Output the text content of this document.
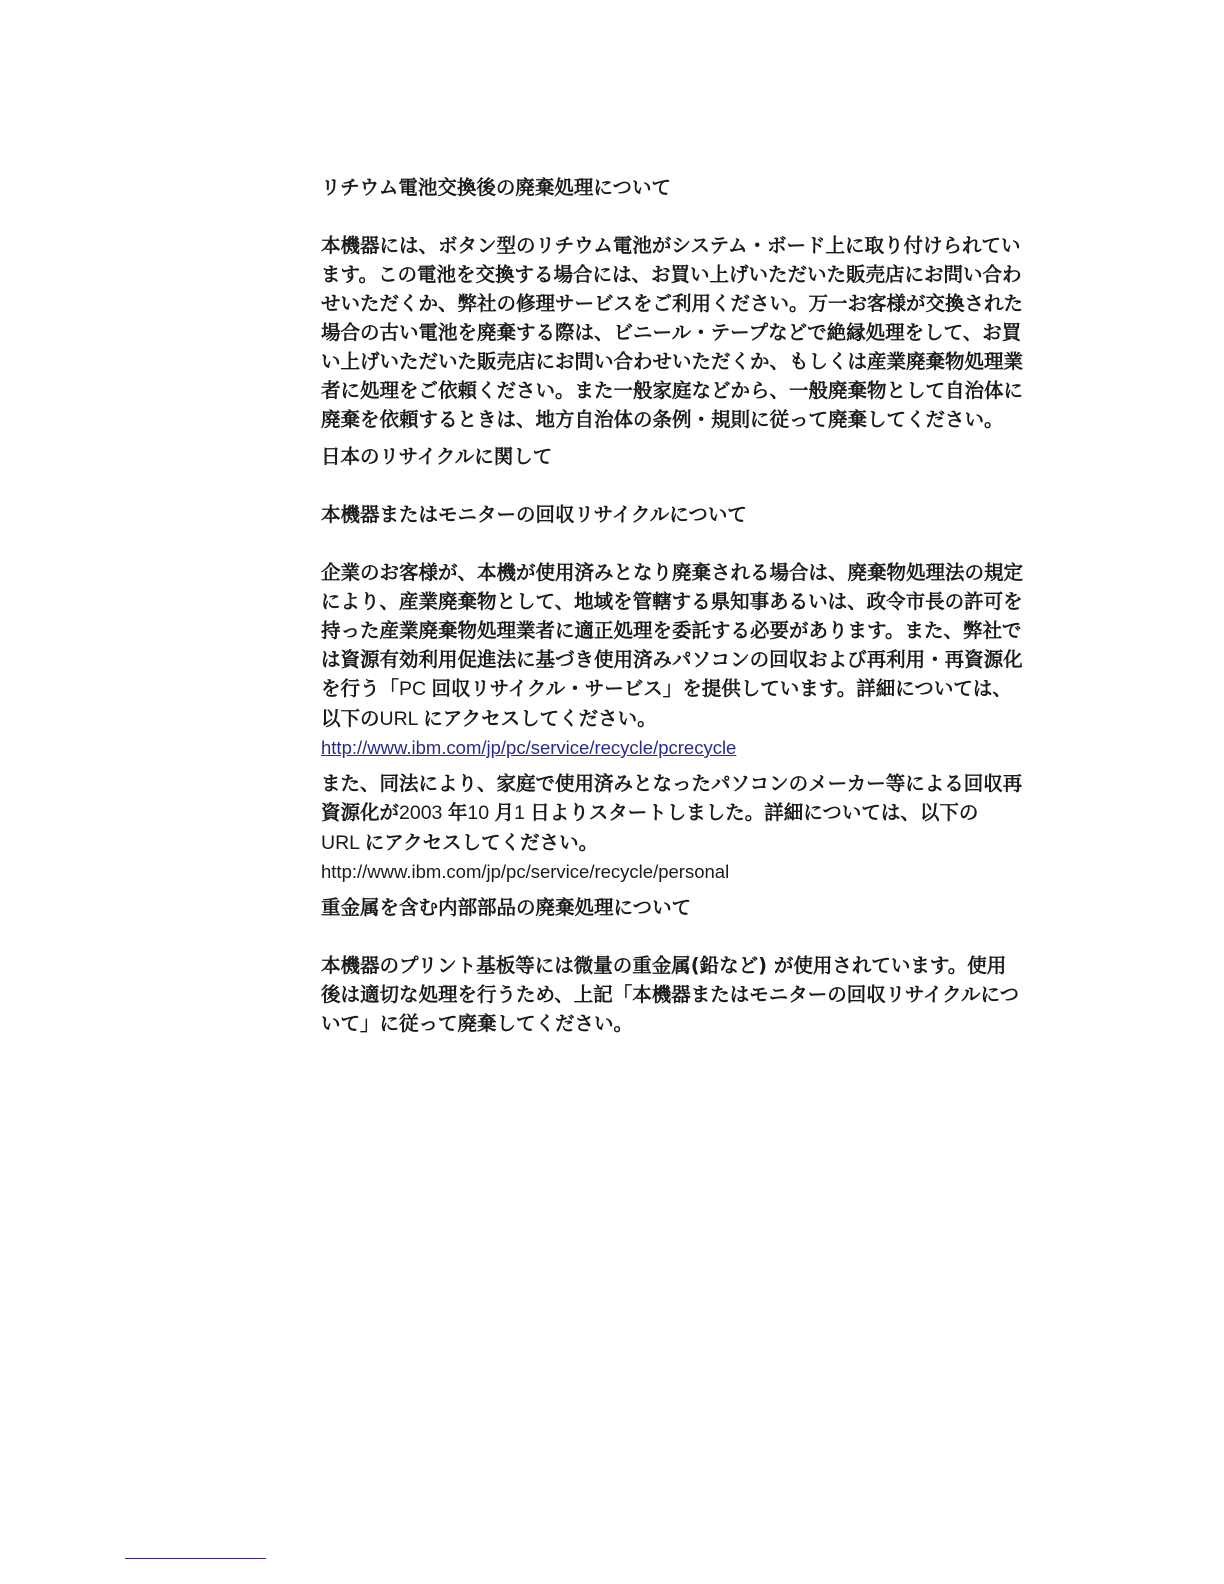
リチウム電池交換後の廃棄処理について

本機器には、ボタン型のリチウム電池がシステム・ボード上に取り付けられてい
ます。この電池を交換する場合には、お買い上げいただいた販売店にお問い合わ
せいただくか、弊社の修理サービスをご利用ください。万一お客様が交換された
場合の古い電池を廃棄する際は、ビニール・テープなどで絶縁処理をして、お買
い上げいただいた販売店にお問い合わせいただくか、もしくは産業廃棄物処理業
者に処理をご依頼ください。また一般家庭などから、一般廃棄物として自治体に
廃棄を依頼するときは、地方自治体の条例・規則に従って廃棄してください。

日本のリサイクルに関して

本機器またはモニターの回収リサイクルについて

企業のお客様が、本機が使用済みとなり廃棄される場合は、廃棄物処理法の規定
により、産業廃棄物として、地域を管轄する県知事あるいは、政令市長の許可を
持った産業廃棄物処理業者に適正処理を委託する必要があります。また、弊社で
は資源有効利用促進法に基づき使用済みパソコンの回収および再利用・再資源化
を行う「PC 回収リサイクル・サービス」を提供しています。詳細については、
以下のURL にアクセスしてください。

http://www.ibm.com/jp/pc/service/recycle/pcrecycle

また、同法により、家庭で使用済みとなったパソコンのメーカー等による回収再
資源化が2003 年10 月1 日よりスタートしました。詳細については、以下の
URL にアクセスしてください。

http://www.ibm.com/jp/pc/service/recycle/personal

重金属を含む内部部品の廃棄処理について

本機器のプリント基板等には微量の重金属(鉛など) が使用されています。使用
後は適切な処理を行うため、上記「本機器またはモニターの回収リサイクルにつ
いて」に従って廃棄してください。
